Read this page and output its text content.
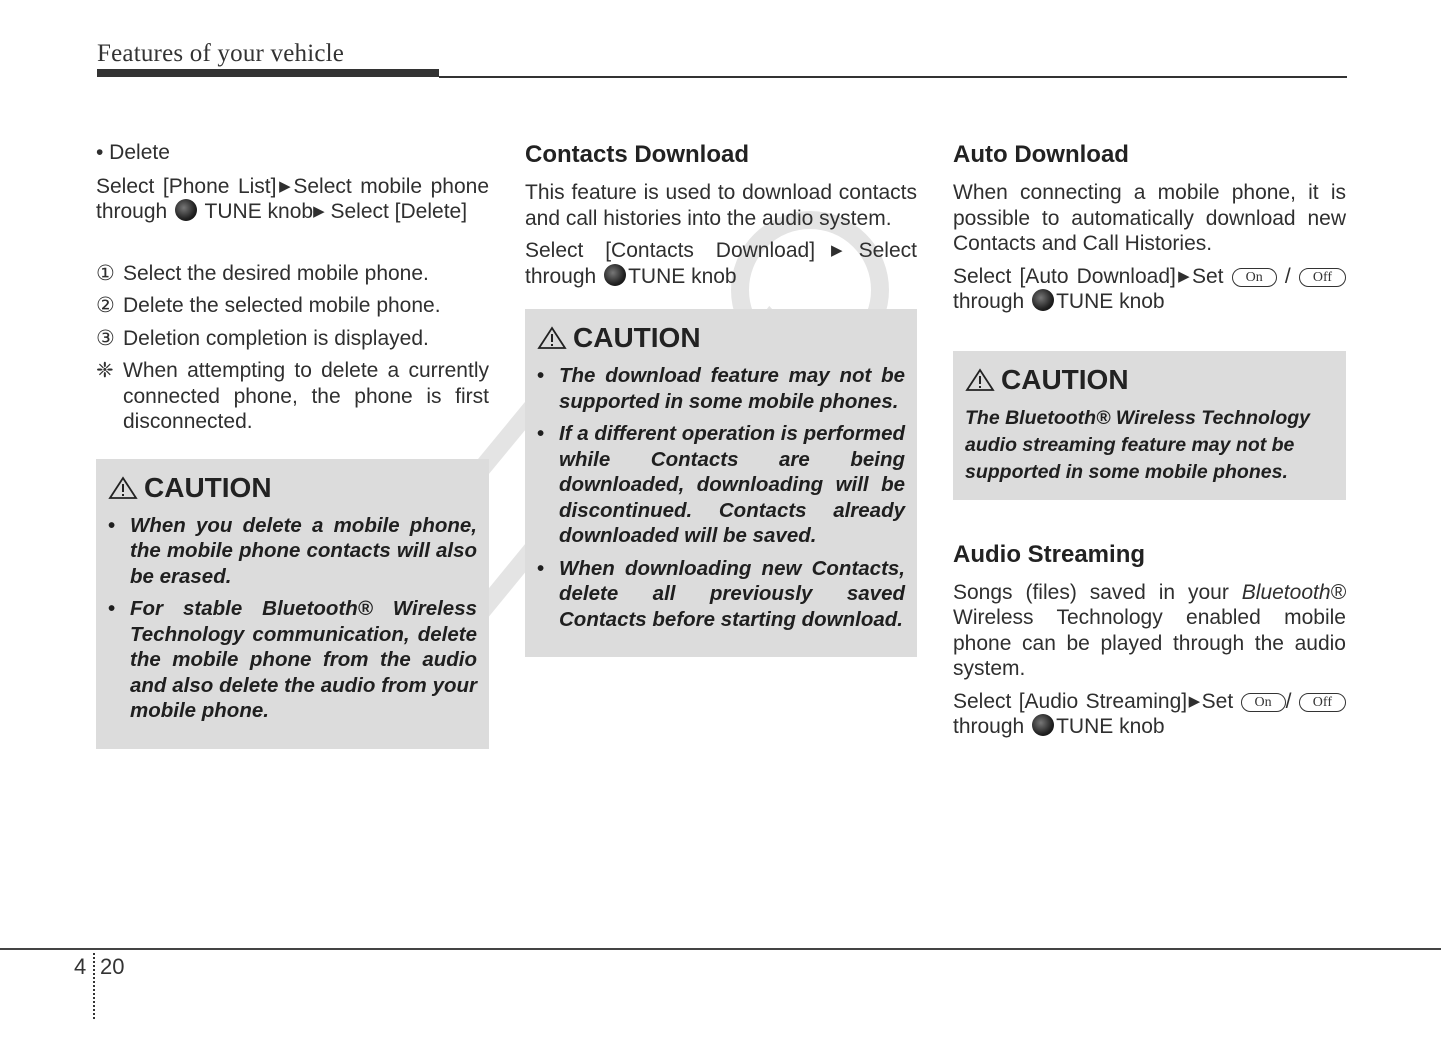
Features of your vehicle
• Delete
Select [Phone List]▶Select mobile phone through TUNE knob▶ Select [Delete]
① Select the desired mobile phone.
② Delete the selected mobile phone.
③ Deletion completion is displayed.
❈ When attempting to delete a currently connected phone, the phone is first disconnected.
CAUTION
• When you delete a mobile phone, the mobile phone contacts will also be erased.
• For stable Bluetooth® Wireless Technology communication, delete the mobile phone from the audio and also delete the audio from your mobile phone.
Contacts Download
This feature is used to download contacts and call histories into the audio system.
Select [Contacts Download]▶Select through TUNE knob
CAUTION
• The download feature may not be supported in some mobile phones.
• If a different operation is performed while Contacts are being downloaded, downloading will be discontinued. Contacts already downloaded will be saved.
• When downloading new Contacts, delete all previously saved Contacts before starting download.
Auto Download
When connecting a mobile phone, it is possible to automatically download new Contacts and Call Histories.
Select [Auto Download]▶Set On / Off through TUNE knob
CAUTION
The Bluetooth® Wireless Technology audio streaming feature may not be supported in some mobile phones.
Audio Streaming
Songs (files) saved in your Bluetooth® Wireless Technology enabled mobile phone can be played through the audio system.
Select [Audio Streaming]▶Set On / Off through TUNE knob
4 20
